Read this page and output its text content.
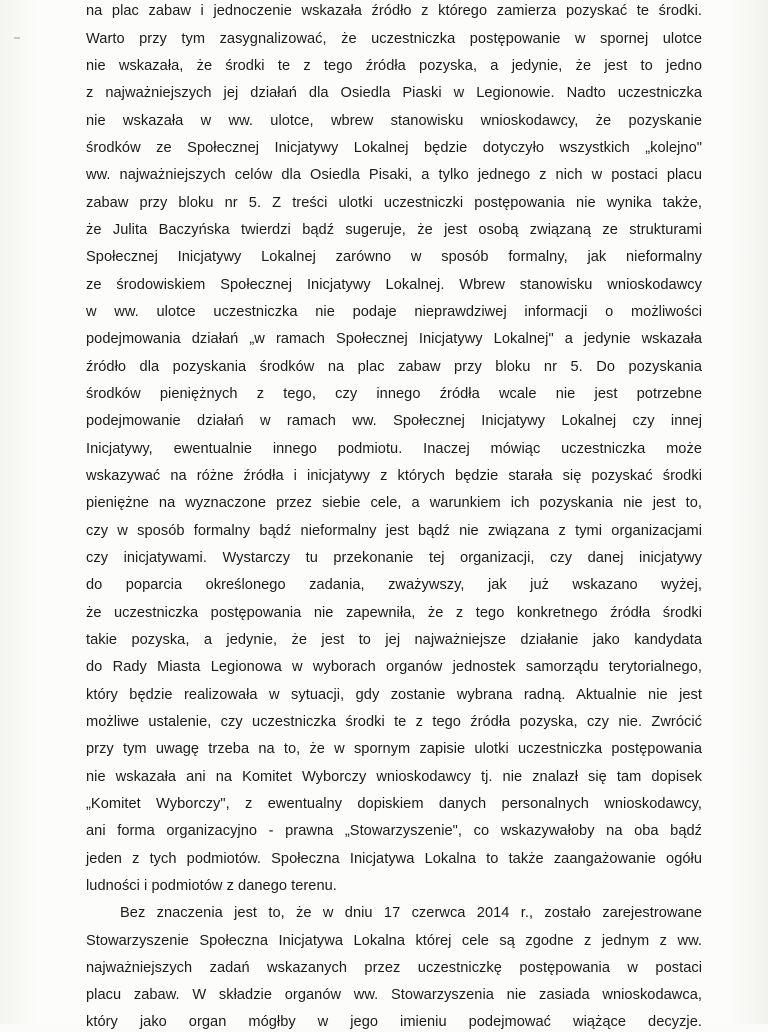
na plac zabaw i jednoczenie wskazała źródło z którego zamierza pozyskać te środki.
Warto przy tym zasygnalizować, że uczestniczka postępowanie w spornej ulotce
nie wskazała, że środki te z tego źródła pozyska, a jedynie, że jest to jedno
z najważniejszych jej działań dla Osiedla Piaski w Legionowie. Nadto uczestniczka
nie wskazała w ww. ulotce, wbrew stanowisku wnioskodawcy, że pozyskanie
środków ze Społecznej Inicjatywy Lokalnej będzie dotyczyło wszystkich „kolejno"
ww. najważniejszych celów dla Osiedla Pisaki, a tylko jednego z nich w postaci placu
zabaw przy bloku nr 5. Z treści ulotki uczestniczki postępowania nie wynika także,
że Julita Baczyńska twierdzi bądź sugeruje, że jest osobą związaną ze strukturami
Społecznej Inicjatywy Lokalnej zarówno w sposób formalny, jak nieformalny
ze środowiskiem Społecznej Inicjatywy Lokalnej. Wbrew stanowisku wnioskodawcy
w ww. ulotce uczestniczka nie podaje nieprawdziwej informacji o możliwości
podejmowania działań „w ramach Społecznej Inicjatywy Lokalnej" a jedynie wskazała
źródło dla pozyskania środków na plac zabaw przy bloku nr 5. Do pozyskania
środków pieniężnych z tego, czy innego źródła wcale nie jest potrzebne
podejmowanie działań w ramach ww. Społecznej Inicjatywy Lokalnej czy innej
Inicjatywy, ewentualnie innego podmiotu. Inaczej mówiąc uczestniczka może
wskazywać na różne źródła i inicjatywy z których będzie starała się pozyskać środki
pieniężne na wyznaczone przez siebie cele, a warunkiem ich pozyskania nie jest to,
czy w sposób formalny bądź nieformalny jest bądź nie związana z tymi organizacjami
czy inicjatywami. Wystarczy tu przekonanie tej organizacji, czy danej inicjatywy
do poparcia określonego zadania, zważywszy, jak już wskazano wyżej,
że uczestniczka postępowania nie zapewniła, że z tego konkretnego źródła środki
takie pozyska, a jedynie, że jest to jej najważniejsze działanie jako kandydata
do Rady Miasta Legionowa w wyborach organów jednostek samorządu terytorialnego,
który będzie realizowała w sytuacji, gdy zostanie wybrana radną. Aktualnie nie jest
możliwe ustalenie, czy uczestniczka środki te z tego źródła pozyska, czy nie. Zwrócić
przy tym uwagę trzeba na to, że w spornym zapisie ulotki uczestniczka postępowania
nie wskazała ani na Komitet Wyborczy wnioskodawcy tj. nie znalazł się tam dopisek
„Komitet Wyborczy", z ewentualny dopiskiem danych personalnych wnioskodawcy,
ani forma organizacyjno - prawna „Stowarzyszenie", co wskazywałoby na oba bądź
jeden z tych podmiotów. Społeczna Inicjatywa Lokalna to także zaangażowanie ogółu
ludności i podmiotów z danego terenu.
Bez znaczenia jest to, że w dniu 17 czerwca 2014 r., zostało zarejestrowane
Stowarzyszenie Społeczna Inicjatywa Lokalna której cele są zgodne z jednym z ww.
najważniejszych zadań wskazanych przez uczestniczkę postępowania w postaci
placu zabaw. W składzie organów ww. Stowarzyszenia nie zasiada wnioskodawca,
który jako organ mógłby w jego imieniu podejmować wiążące decyzje.
